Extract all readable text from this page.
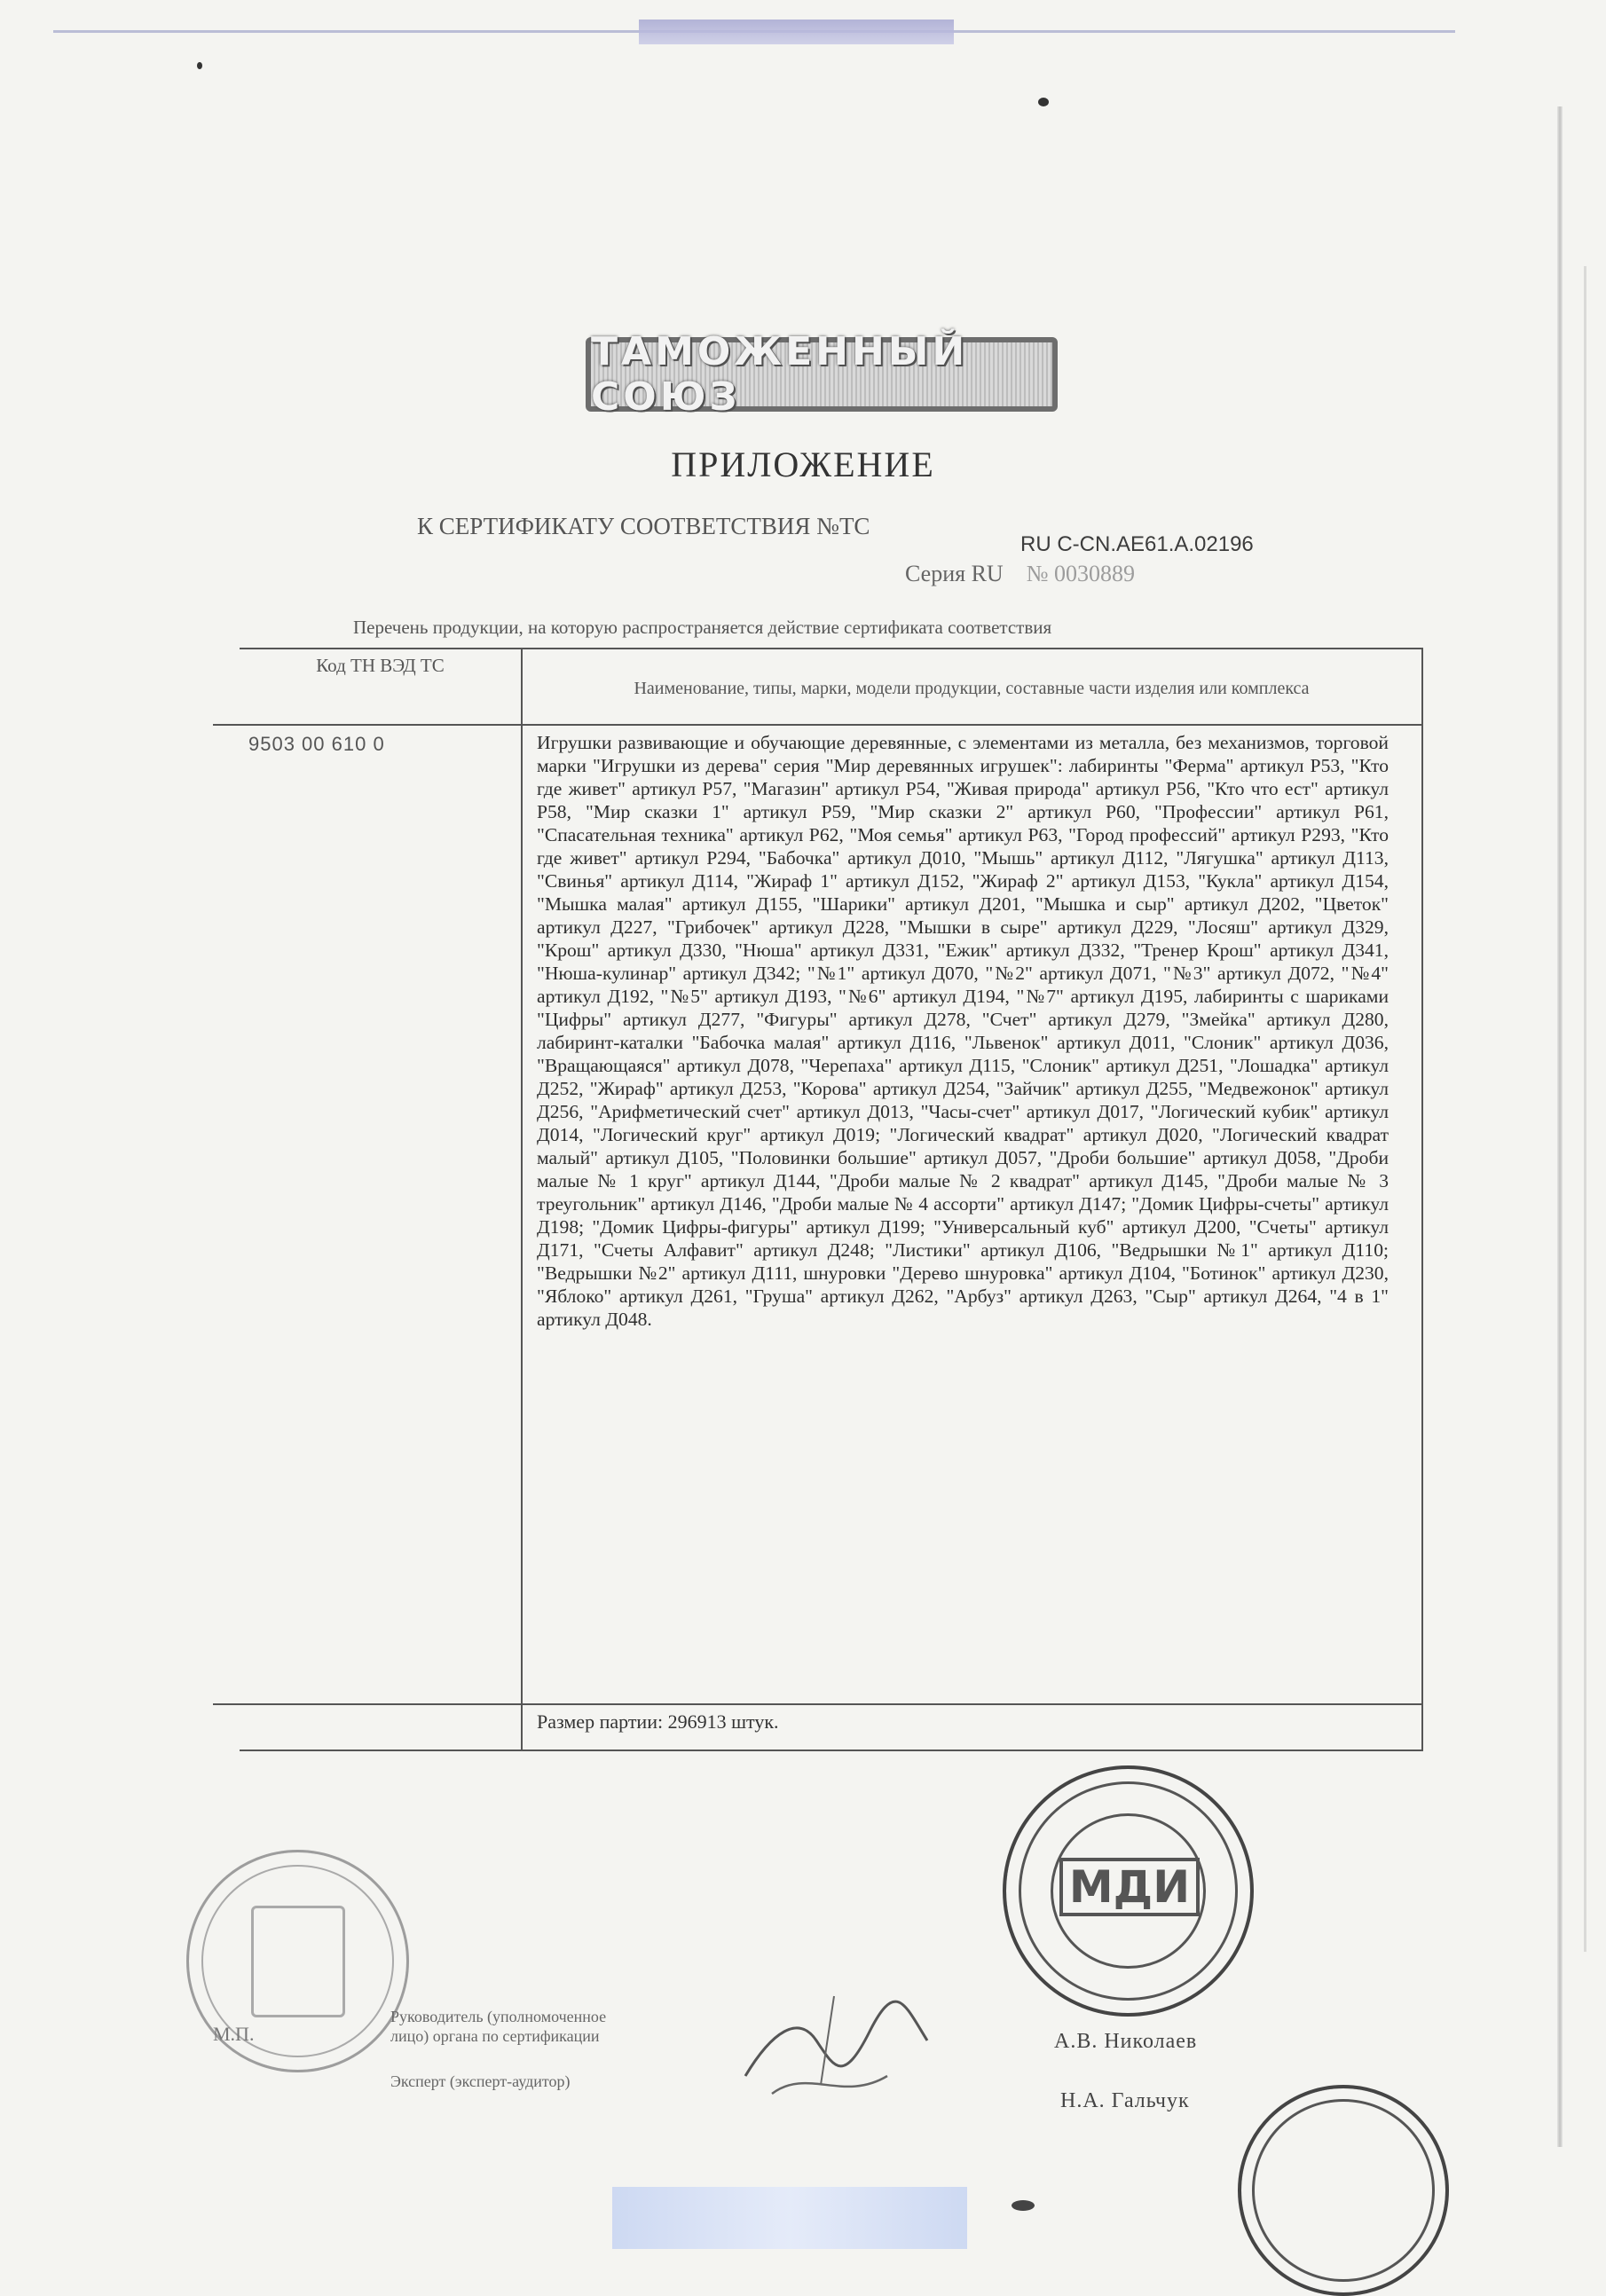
ТАМОЖЕННЫЙ СОЮЗ
ПРИЛОЖЕНИЕ
К СЕРТИФИКАТУ СООТВЕТСТВИЯ №ТС
RU C-CN.AE61.A.02196
Серия RU № 0030889
Перечень продукции, на которую распространяется действие сертификата соответствия
Код ТН ВЭД ТС
Наименование, типы, марки, модели продукции, составные части изделия или комплекса
9503 00 610 0	Игрушки развивающие и обучающие деревянные, с элементами из металла, без механизмов, торговой марки "Игрушки из дерева" серия "Мир деревянных игрушек": лабиринты "Ферма" артикул Р53, "Кто где живет" артикул Р57, "Магазин" артикул Р54, "Живая природа" артикул Р56, "Кто что ест" артикул Р58, "Мир сказки 1" артикул Р59, "Мир сказки 2" артикул Р60, "Профессии" артикул Р61, "Спасательная техника" артикул Р62, "Моя семья" артикул Р63, "Город профессий" артикул Р293, "Кто где живет" артикул Р294, "Бабочка" артикул Д010, "Мышь" артикул Д112, "Лягушка" артикул Д113, "Свинья" артикул Д114, "Жираф 1" артикул Д152, "Жираф 2" артикул Д153, "Кукла" артикул Д154, "Мышка малая" артикул Д155, "Шарики" артикул Д201, "Мышка и сыр" артикул Д202, "Цветок" артикул Д227, "Грибочек" артикул Д228, "Мышки в сыре" артикул Д229, "Лосяш" артикул Д329, "Крош" артикул Д330, "Нюша" артикул Д331, "Ежик" артикул Д332, "Тренер Крош" артикул Д341, "Нюша-кулинар" артикул Д342; "№1" артикул Д070, "№2" артикул Д071, "№3" артикул Д072, "№4" артикул Д192, "№5" артикул Д193, "№6" артикул Д194, "№7" артикул Д195, лабиринты с шариками "Цифры" артикул Д277, "Фигуры" артикул Д278, "Счет" артикул Д279, "Змейка" артикул Д280, лабиринт-каталки "Бабочка малая" артикул Д116, "Львенок" артикул Д011, "Слоник" артикул Д036, "Вращающаяся" артикул Д078, "Черепаха" артикул Д115, "Слоник" артикул Д251, "Лошадка" артикул Д252, "Жираф" артикул Д253, "Корова" артикул Д254, "Зайчик" артикул Д255, "Медвежонок" артикул Д256, "Арифметический счет" артикул Д013, "Часы-счет" артикул Д017, "Логический кубик" артикул Д014, "Логический круг" артикул Д019; "Логический квадрат" артикул Д020, "Логический квадрат малый" артикул Д105, "Половинки большие" артикул Д057, "Дроби большие" артикул Д058, "Дроби малые № 1 круг" артикул Д144, "Дроби малые № 2 квадрат" артикул Д145, "Дроби малые № 3 треугольник" артикул Д146, "Дроби малые № 4 ассорти" артикул Д147; "Домик Цифры-счеты" артикул Д198; "Домик Цифры-фигуры" артикул Д199; "Универсальный куб" артикул Д200, "Счеты" артикул Д171, "Счеты Алфавит" артикул Д248; "Листики" артикул Д106, "Ведрышки №1" артикул Д110; "Ведрышки №2" артикул Д111, шнуровки "Дерево шнуровка" артикул Д104, "Ботинок" артикул Д230, "Яблоко" артикул Д261, "Груша" артикул Д262, "Арбуз" артикул Д263, "Сыр" артикул Д264, "4 в 1" артикул Д048.
Размер партии: 296913 штук.
МДИ
М.П.
Руководитель (уполномоченное
лицо) органа по сертификации
Эксперт (эксперт-аудитор)
А.В. Николаев
Н.А. Гальчук
